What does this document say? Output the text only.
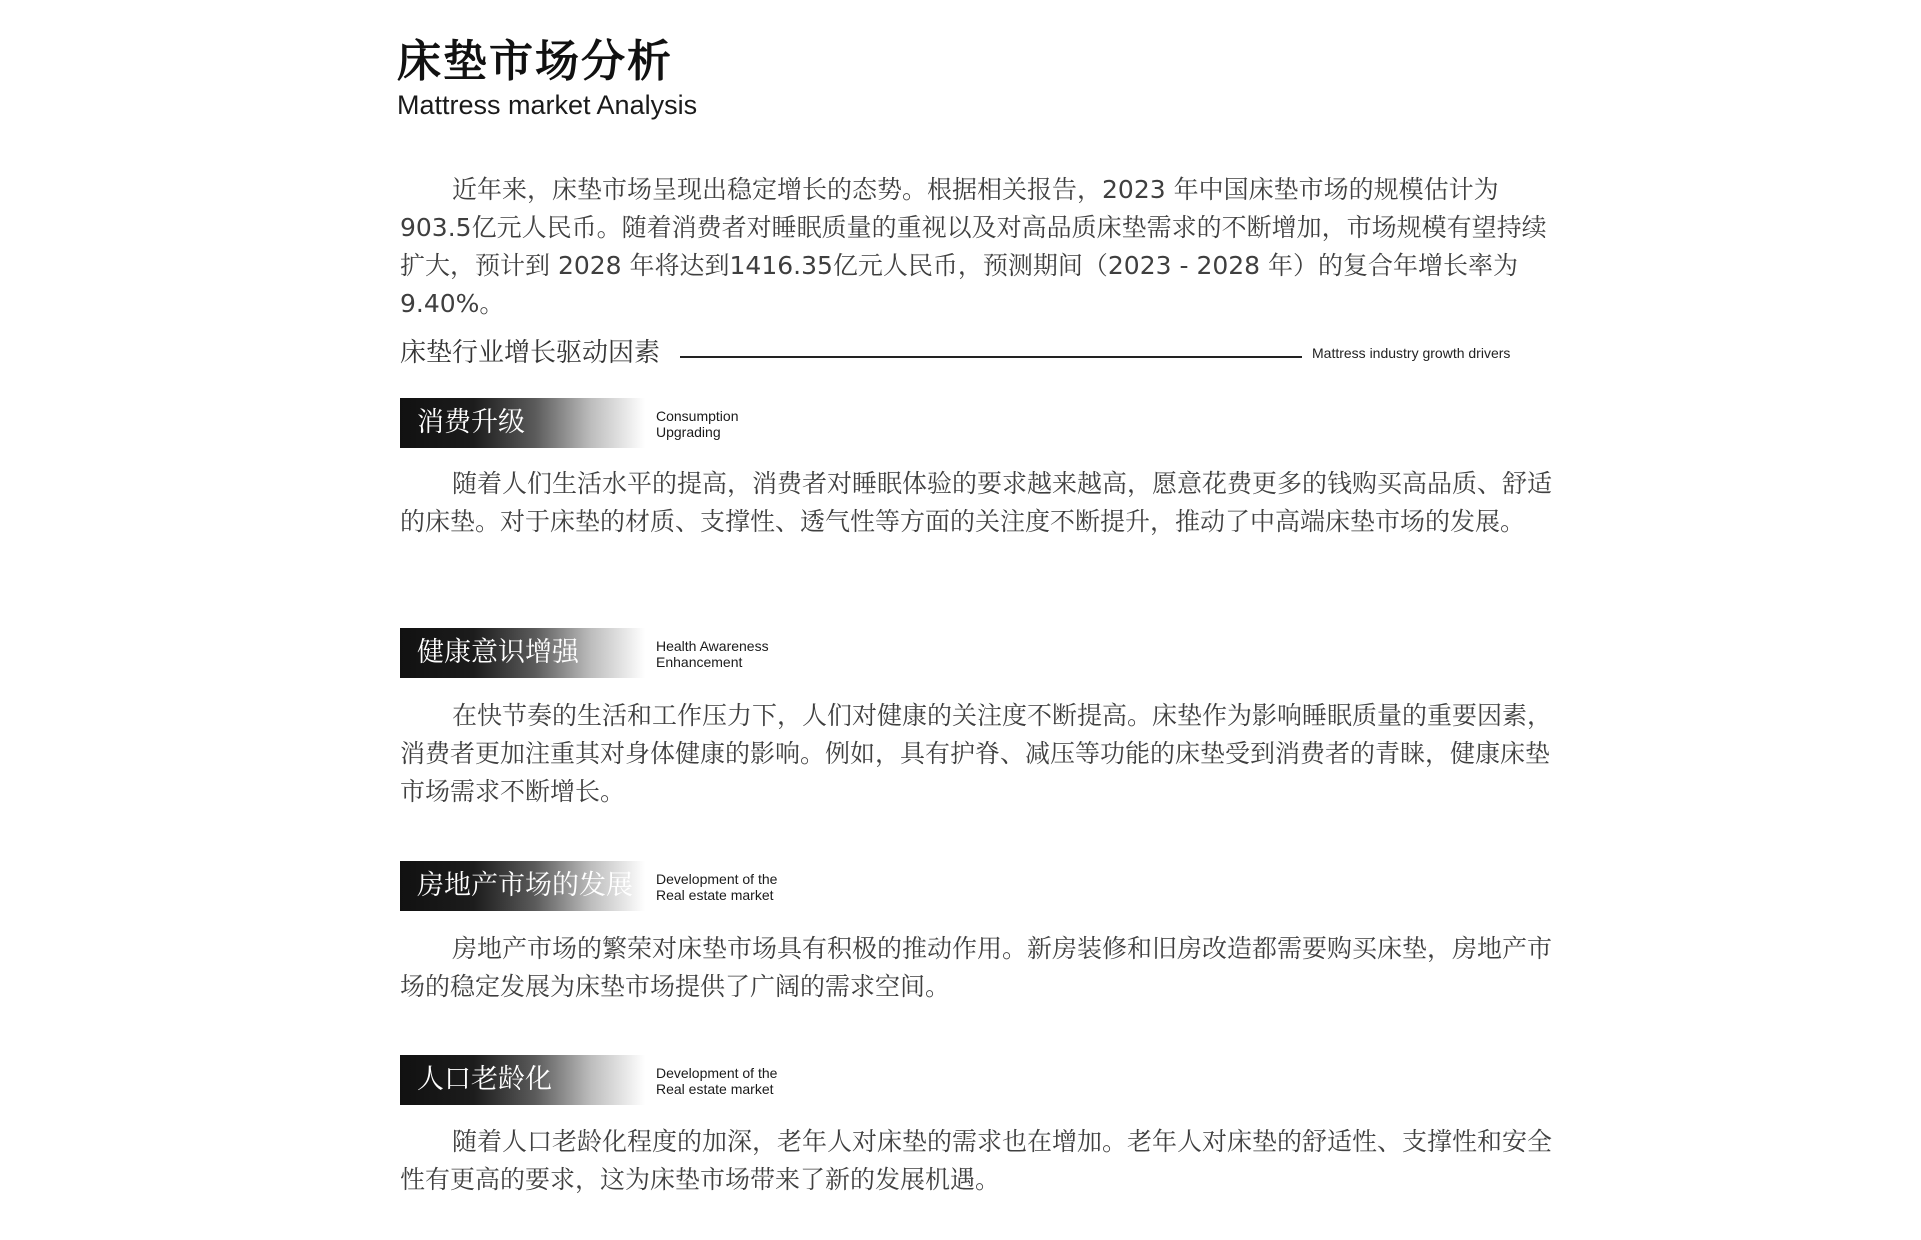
床垫市场分析
Mattress market Analysis

近年来，床垫市场呈现出稳定增长的态势。根据相关报告，2023 年中国床垫市场的规模估计为 903.5亿元人民币。随着消费者对睡眠质量的重视以及对高品质床垫需求的不断增加，市场规模有望持续扩大，预计到 2028 年将达到1416.35亿元人民币，预测期间（2023 - 2028 年）的复合年增长率为 9.40%。

床垫行业增长驱动因素	Mattress industry growth drivers
消费升级	Consumption
Upgrading

随着人们生活水平的提高，消费者对睡眠体验的要求越来越高，愿意花费更多的钱购买高品质、舒适的床垫。对于床垫的材质、支撑性、透气性等方面的关注度不断提升，推动了中高端床垫市场的发展。

健康意识增强	Health Awareness
Enhancement

在快节奏的生活和工作压力下，人们对健康的关注度不断提高。床垫作为影响睡眠质量的重要因素，消费者更加注重其对身体健康的影响。例如，具有护脊、减压等功能的床垫受到消费者的青睐，健康床垫市场需求不断增长。

房地产市场的发展 Development of the
Real estate market

房地产市场的繁荣对床垫市场具有积极的推动作用。新房装修和旧房改造都需要购买床垫，房地产市场的稳定发展为床垫市场提供了广阔的需求空间。

人口老龄化	Development of the
Real estate market

随着人口老龄化程度的加深，老年人对床垫的需求也在增加。老年人对床垫的舒适性、支撑性和安全性有更高的要求，这为床垫市场带来了新的发展机遇。
